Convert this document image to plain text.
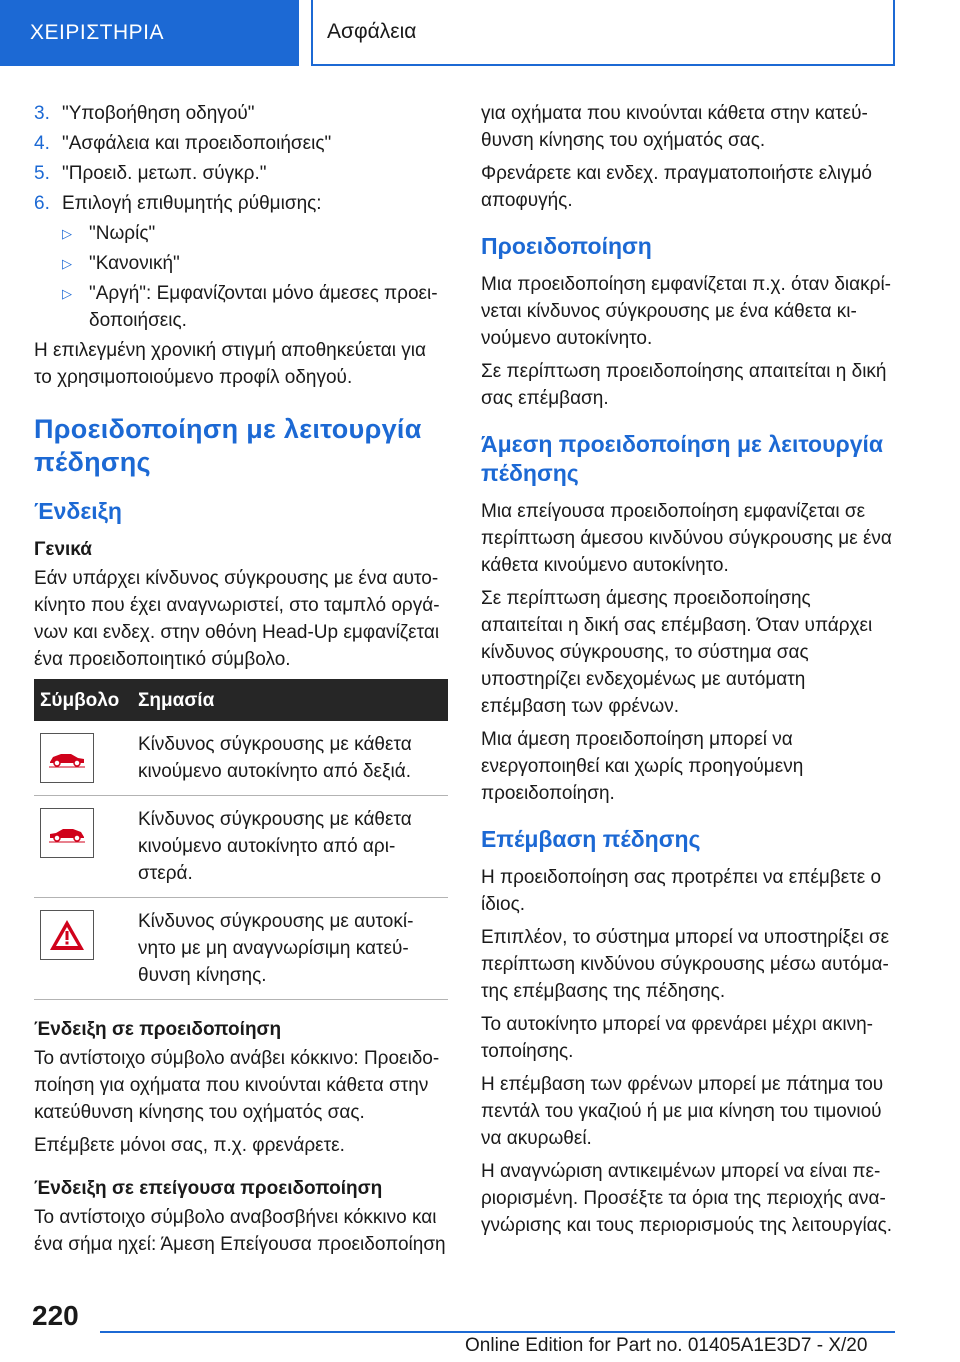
ΧΕΙΡΙΣΤΗΡΙΑ	Ασφάλεια
3. "Υποβοήθηση οδηγού"
4. "Ασφάλεια και προειδοποιήσεις"
5. "Προειδ. μετωπ. σύγκρ."
6. Επιλογή επιθυμητής ρύθμισης:
▷ "Νωρίς"
▷ "Κανονική"
▷ "Αργή": Εμφανίζονται μόνο άμεσες προειδοποιήσεις.

Η επιλεγμένη χρονική στιγμή αποθηκεύεται για το χρησιμοποιούμενο προφίλ οδηγού.

Προειδοποίηση με λειτουργία πέδησης
Ένδειξη
Γενικά

Εάν υπάρχει κίνδυνος σύγκρουσης με ένα αυτοκίνητο που έχει αναγνωριστεί, στο ταμπλό οργάνων και ενδεχ. στην οθόνη Head-Up εμφανίζεται ένα προειδοποιητικό σύμβολο.

Σύμβολο	Σημασία

	Κίνδυνος σύγκρουσης με κάθετα κινούμενο αυτοκίνητο από δεξιά.

	Κίνδυνος σύγκρουσης με κάθετα κινούμενο αυτοκίνητο από αριστερά.

	Κίνδυνος σύγκρουσης με αυτοκίνητο με μη αναγνωρίσιμη κατεύθυνση κίνησης.
Ένδειξη σε προειδοποίηση

Το αντίστοιχο σύμβολο ανάβει κόκκινο: Προειδοποίηση για οχήματα που κινούνται κάθετα στην κατεύθυνση κίνησης του οχήματός σας.

Επέμβετε μόνοι σας, π.χ. φρενάρετε.

Ένδειξη σε επείγουσα προειδοποίηση

Το αντίστοιχο σύμβολο αναβοσβήνει κόκκινο και ένα σήμα ηχεί: Άμεση Επείγουσα προειδοποίηση

για οχήματα που κινούνται κάθετα στην κατεύθυνση κίνησης του οχήματός σας.

Φρενάρετε και ενδεχ. πραγματοποιήστε ελιγμό αποφυγής.

Προειδοποίηση

Μια προειδοποίηση εμφανίζεται π.χ. όταν διακρίνεται κίνδυνος σύγκρουσης με ένα κάθετα κινούμενο αυτοκίνητο.

Σε περίπτωση προειδοποίησης απαιτείται η δική σας επέμβαση.

Άμεση προειδοποίηση με λειτουργία πέδησης

Μια επείγουσα προειδοποίηση εμφανίζεται σε περίπτωση άμεσου κινδύνου σύγκρουσης με ένα κάθετα κινούμενο αυτοκίνητο.

Σε περίπτωση άμεσης προειδοποίησης απαιτείται η δική σας επέμβαση. Όταν υπάρχει κίνδυνος σύγκρουσης, το σύστημα σας υποστηρίζει ενδεχομένως με αυτόματη επέμβαση των φρένων.

Μια άμεση προειδοποίηση μπορεί να ενεργοποιηθεί και χωρίς προηγούμενη προειδοποίηση.

Επέμβαση πέδησης

Η προειδοποίηση σας προτρέπει να επέμβετε ο ίδιος.

Επιπλέον, το σύστημα μπορεί να υποστηρίξει σε περίπτωση κινδύνου σύγκρουσης μέσω αυτόματης επέμβασης της πέδησης.

Το αυτοκίνητο μπορεί να φρενάρει μέχρι ακινητοποίησης.

Η επέμβαση των φρένων μπορεί με πάτημα του πεντάλ του γκαζιού ή με μια κίνηση του τιμονιού να ακυρωθεί.

Η αναγνώριση αντικειμένων μπορεί να είναι περιορισμένη. Προσέξτε τα όρια της περιοχής αναγνώρισης και τους περιορισμούς της λειτουργίας.

220
Online Edition for Part no. 01405A1E3D7 - X/20
